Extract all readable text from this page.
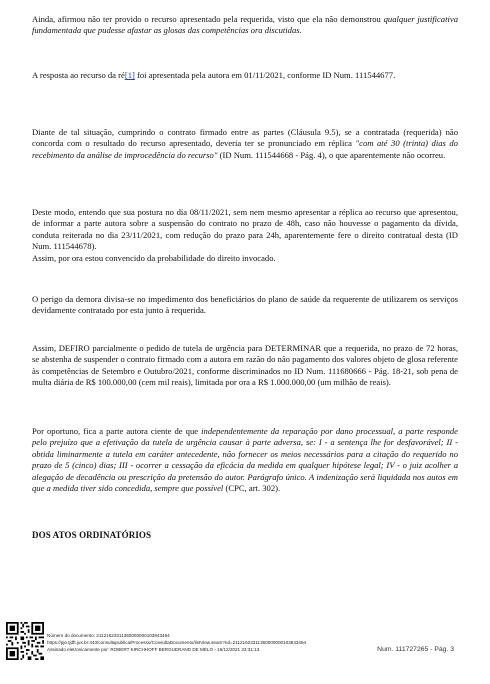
Ainda, afirmou não ter provido o recurso apresentado pela requerida, visto que ela não demonstrou qualquer justificativa fundamentada que pudesse afastar as glosas das competências ora discutidas.

A resposta ao recurso da ré[1] foi apresentada pela autora em 01/11/2021, conforme ID Num. 111544677.

Diante de tal situação, cumprindo o contrato firmado entre as partes (Cláusula 9.5), se a contratada (requerida) não concorda com o resultado do recurso apresentado, deveria ter se pronunciado em réplica "com até 30 (trinta) dias do recebimento da análise de improcedência do recurso" (ID Num. 111544668 - Pág. 4), o que aparentemente não ocorreu.

Deste modo, entendo que sua postura no dia 08/11/2021, sem nem mesmo apresentar a réplica ao recurso que apresentou, de informar a parte autora sobre a suspensão do contrato no prazo de 48h, caso não houvesse o pagamento da dívida, conduta reiterada no dia 23/11/2021, com redução do prazo para 24h, aparentemente fere o direito contratual desta (ID Num. 111544678).

Assim, por ora estou convencido da probabilidade do direito invocado.

O perigo da demora divisa-se no impedimento dos beneficiários do plano de saúde da requerente de utilizarem os serviços devidamente contratado por esta junto à requerida.

Assim, DEFIRO parcialmente o pedido de tutela de urgência para DETERMINAR que a requerida, no prazo de 72 horas, se abstenha de suspender o contrato firmado com a autora em razão do não pagamento dos valores objeto de glosa referente às competências de Setembro e Outubro/2021, conforme discriminados no ID Num. 111680666 - Pág. 18-21, sob pena de multa diária de R$ 100.000,00 (cem mil reais), limitada por ora a R$ 1.000.000,00 (um milhão de reais).

Por oportuno, fica a parte autora ciente de que independentemente da reparação por dano processual, a parte responde pelo prejuízo que a efetivação da tutela de urgência causar à parte adversa, se: I - a sentença lhe for desfavorável; II - obtida liminarmente a tutela em caráter antecedente, não fornecer os meios necessários para a citação do requerido no prazo de 5 (cinco) dias; III - ocorrer a cessação da eficácia da medida em qualquer hipótese legal; IV - o juiz acolher a alegação de decadência ou prescrição da pretensão do autor. Parágrafo único. A indenização será liquidada nos autos em que a medida tiver sido concedida, sempre que possível (CPC, art. 302).

DOS ATOS ORDINATÓRIOS

Número do documento: 21121623311360000000103843464
https://pje.tjdft.jus.br:443/consultapublica/Processo/ConsultaDocumento/listView.seam?nd=21121623311360000000103843464
Assinado eletronicamente por: ROBERT KIRCHHOFF BERGUERAND DE MELO - 16/12/2021 23:31:13	Num. 111727265 - Pág. 3
